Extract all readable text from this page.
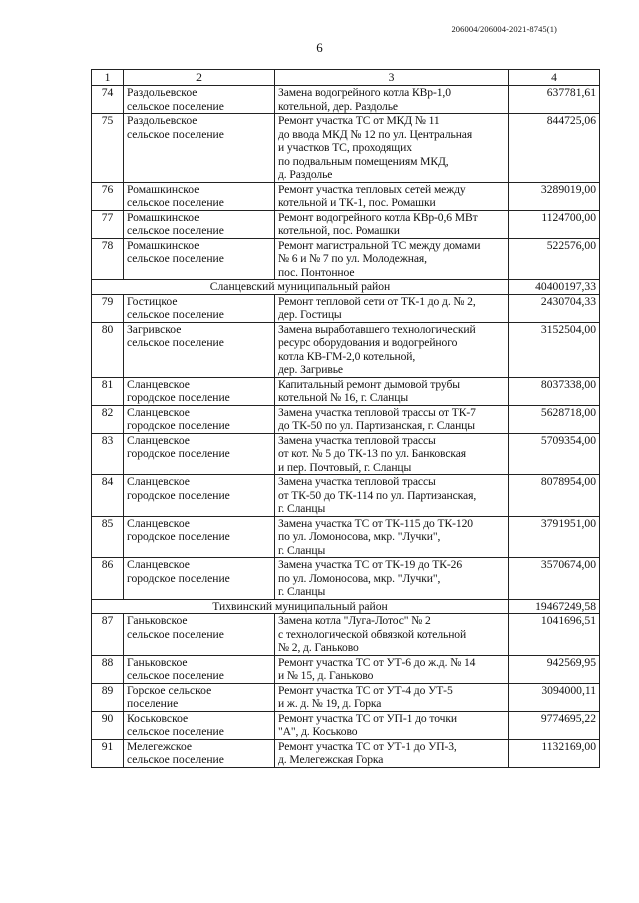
206004/206004-2021-8745(1)
6
1	2	3	4
74	Раздольевское
сельское поселение	Замена водогрейного котла КВр-1,0
котельной, дер. Раздолье	637781,61
75	Раздольевское
сельское поселение	Ремонт участка ТС от МКД № 11
до ввода МКД № 12 по ул. Центральная
и участков ТС, проходящих
по подвальным помещениям МКД,
д. Раздолье	844725,06
76	Ромашкинское
сельское поселение	Ремонт участка тепловых сетей между
котельной и ТК-1, пос. Ромашки	3289019,00
77	Ромашкинское
сельское поселение	Ремонт водогрейного котла КВр-0,6 МВт
котельной, пос. Ромашки	1124700,00
78	Ромашкинское
сельское поселение	Ремонт магистральной ТС между домами
№ 6 и № 7 по ул. Молодежная,
пос. Понтонное	522576,00
Сланцевский муниципальный район			40400197,33
79	Гостицкое
сельское поселение	Ремонт тепловой сети от ТК-1 до д. № 2,
дер. Гостицы	2430704,33
80	Загривское
сельское поселение	Замена выработавшего технологический
ресурс оборудования и водогрейного
котла КВ-ГМ-2,0 котельной,
дер. Загривье	3152504,00
81	Сланцевское
городское поселение	Капитальный ремонт дымовой трубы
котельной № 16, г. Сланцы	8037338,00
82	Сланцевское
городское поселение	Замена участка тепловой трассы от ТК-7
до ТК-50 по ул. Партизанская, г. Сланцы	5628718,00
83	Сланцевское
городское поселение	Замена участка тепловой трассы
от кот. № 5 до ТК-13 по ул. Банковская
и пер. Почтовый, г. Сланцы	5709354,00
84	Сланцевское
городское поселение	Замена участка тепловой трассы
от ТК-50 до ТК-114 по ул. Партизанская,
г. Сланцы	8078954,00
85	Сланцевское
городское поселение	Замена участка ТС от ТК-115 до ТК-120
по ул. Ломоносова, мкр. "Лучки",
г. Сланцы	3791951,00
86	Сланцевское
городское поселение	Замена участка ТС от ТК-19 до ТК-26
по ул. Ломоносова, мкр. "Лучки",
г. Сланцы	3570674,00
Тихвинский муниципальный район			19467249,58
87	Ганьковское
сельское поселение	Замена котла "Луга-Лотос" № 2
с технологической обвязкой котельной
№ 2, д. Ганьково	1041696,51
88	Ганьковское
сельское поселение	Ремонт участка ТС от УТ-6 до ж.д. № 14
и № 15, д. Ганьково	942569,95
89	Горское сельское
поселение	Ремонт участка ТС от УТ-4 до УТ-5
и ж. д. № 19, д. Горка	3094000,11
90	Коськовское
сельское поселение	Ремонт участка ТС от УП-1 до точки
"А", д. Коськово	9774695,22
91	Мелегежское
сельское поселение	Ремонт участка ТС от УТ-1 до УП-3,
д. Мелегежская Горка	1132169,00
